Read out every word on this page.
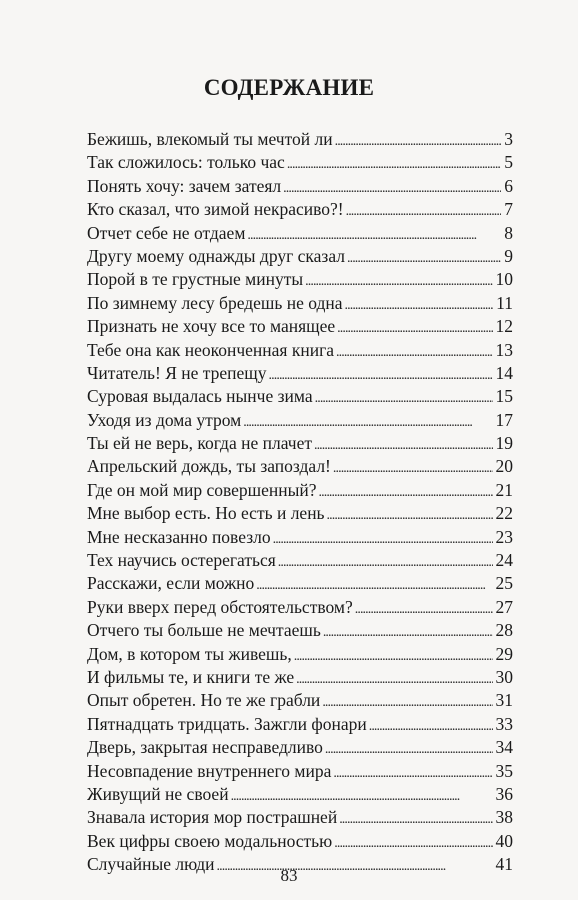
СОДЕРЖАНИЕ
Бежишь, влекомый ты мечтой ли . . .	3
Так сложилось: только час . . .	5
Понять хочу: зачем затеял . . .	6
Кто сказал, что зимой некрасиво?! . . .	7
Отчет себе не отдаем . . .	8
Другу моему однажды друг сказал . . .	9
Порой в те грустные минуты . . .	10
По зимнему лесу бредешь не одна . . .	11
Признать не хочу все то манящее . . .	12
Тебе она как неоконченная книга . . .	13
Читатель! Я не трепещу . . .	14
Суровая выдалась нынче зима . . .	15
Уходя из дома утром . . .	17
Ты ей не верь, когда не плачет . . .	19
Апрельский дождь, ты запоздал! . . .	20
Где он мой мир совершенный? . . .	21
Мне выбор есть. Но есть и лень . . .	22
Мне несказанно повезло . . .	23
Тех научись остерегаться . . .	24
Расскажи, если можно . . .	25
Руки вверх перед обстоятельством? . . .	27
Отчего ты больше не мечтаешь . . .	28
Дом, в котором ты живешь, . . .	29
И фильмы те, и книги те же . . .	30
Опыт обретен. Но те же грабли . . .	31
Пятнадцать тридцать. Зажгли фонари . . .	33
Дверь, закрытая несправедливо . . .	34
Несовпадение внутреннего мира . . .	35
Живущий не своей . . .	36
Знавала история мор пострашней . . .	38
Век цифры своею модальностью . . .	40
Случайные люди . . .	41
83
